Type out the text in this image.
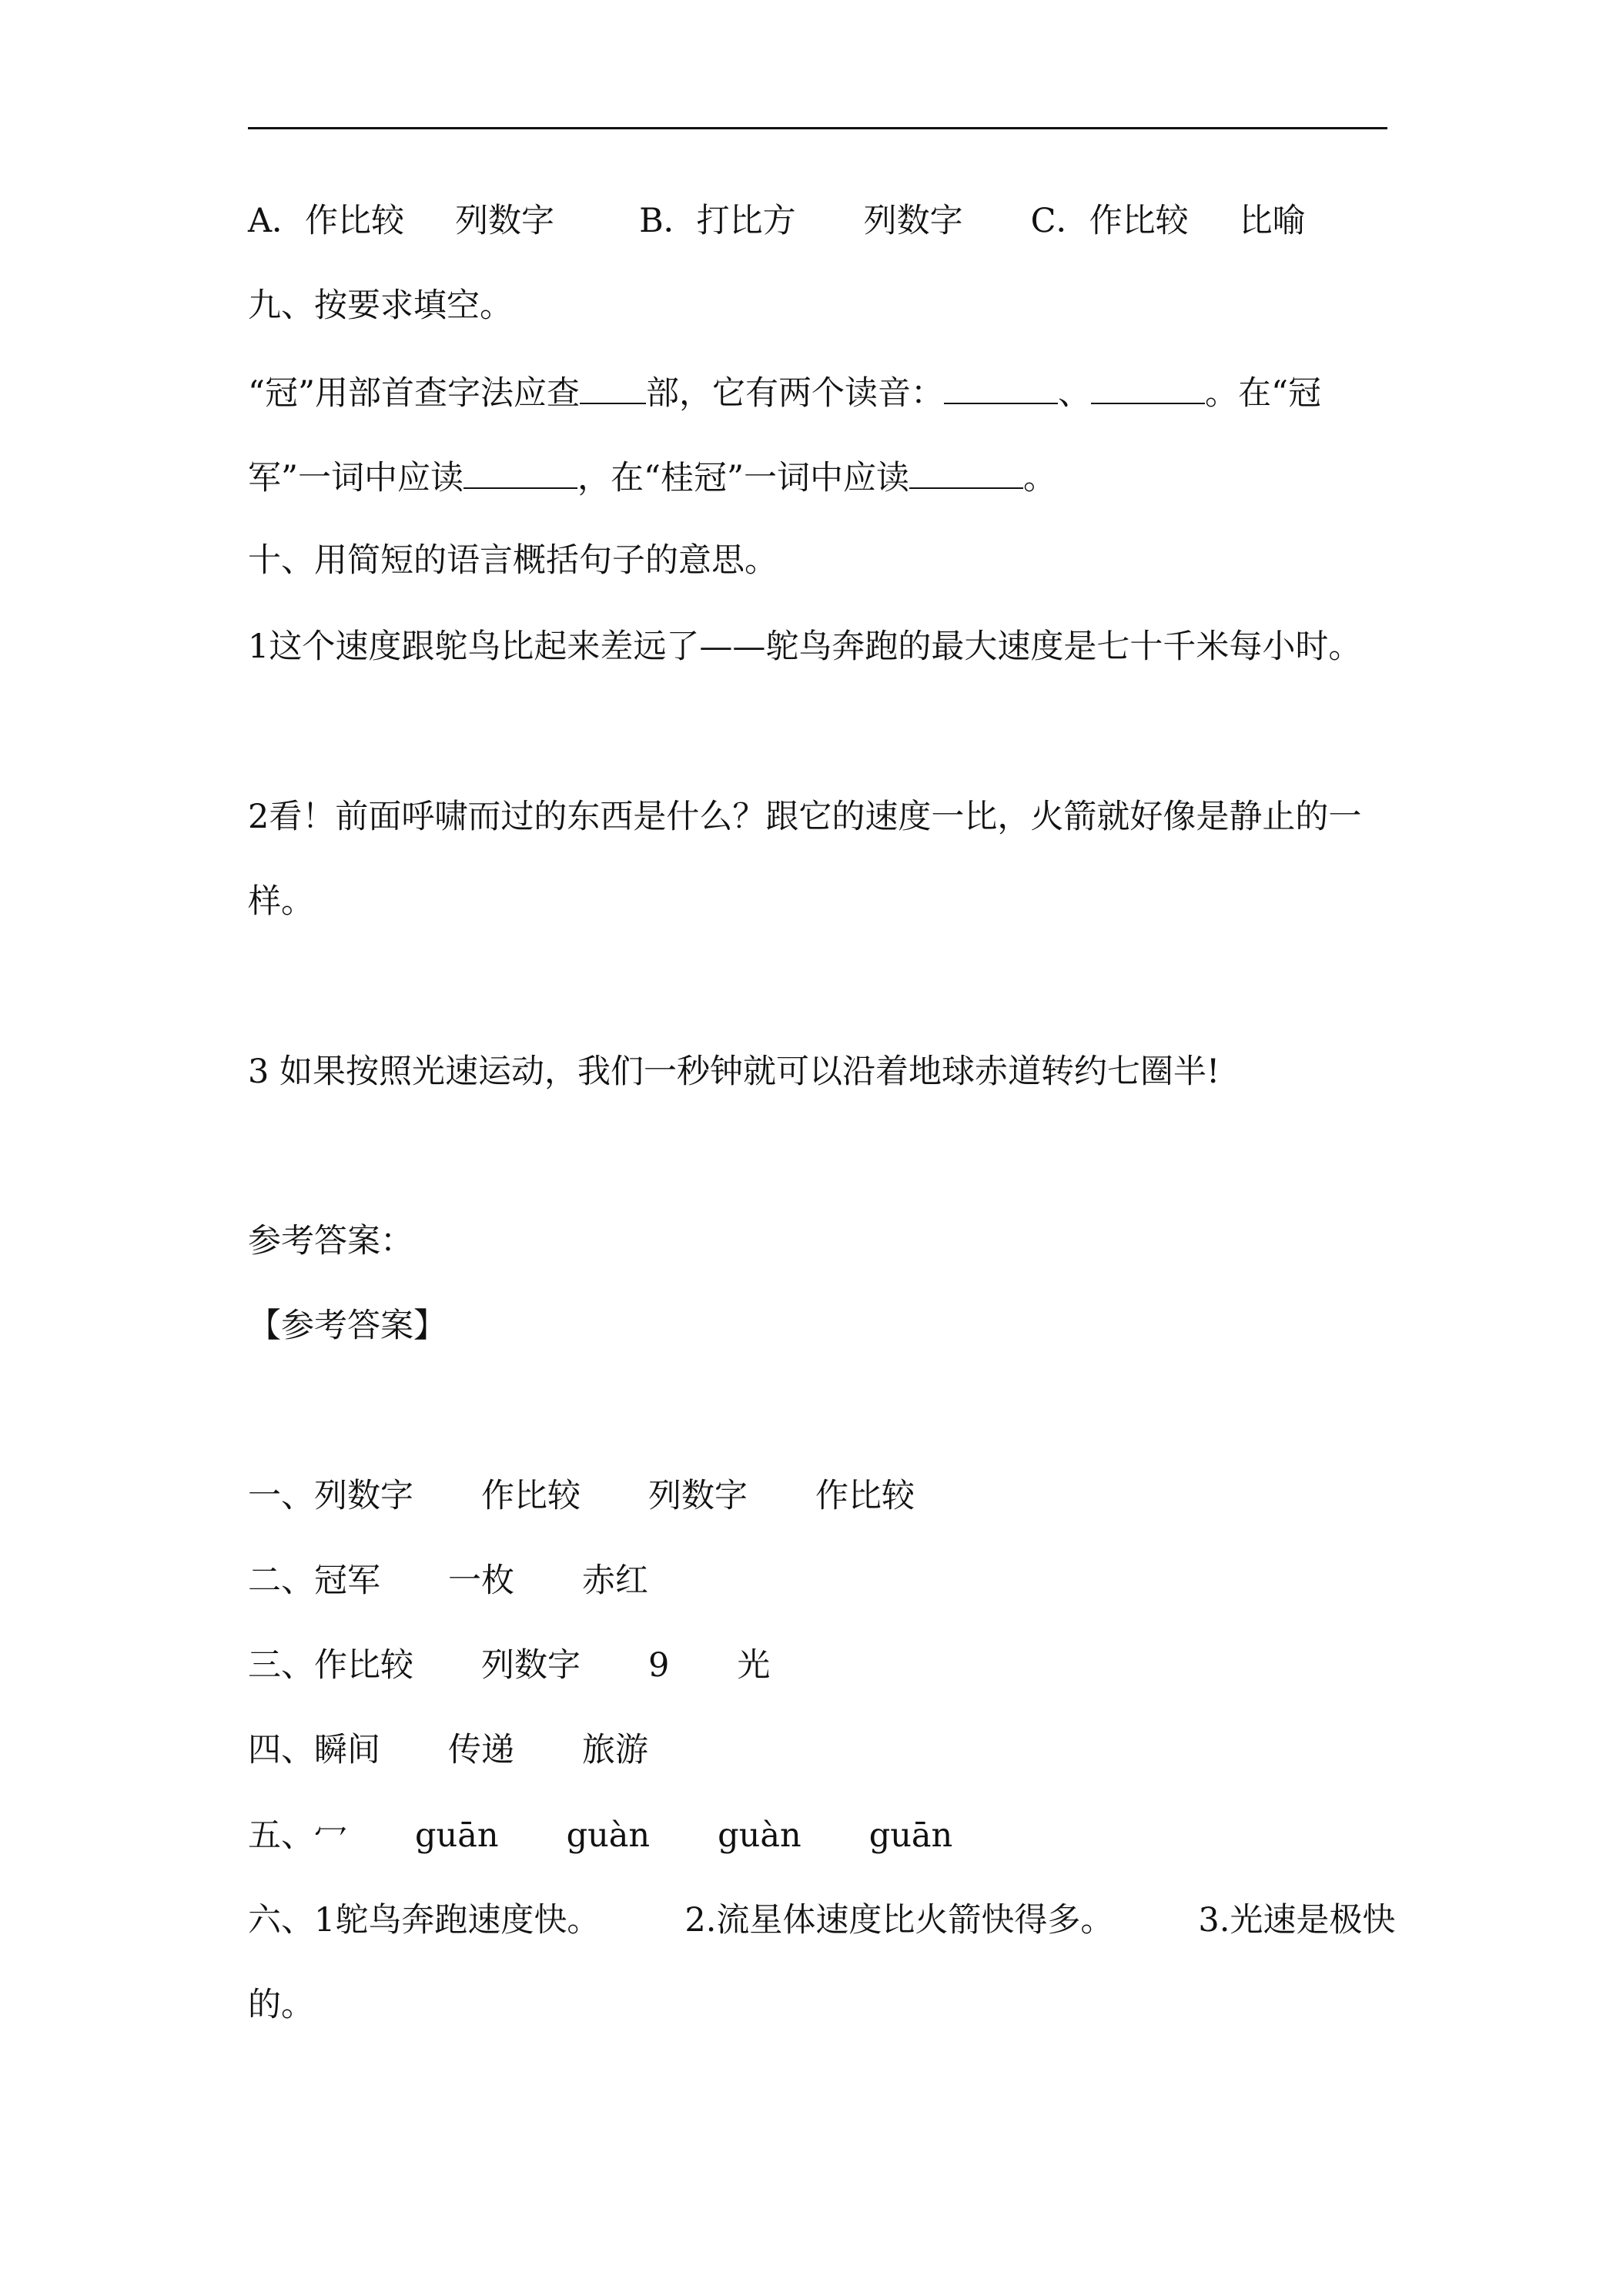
A．作比较 列数字	B．打比方 列数字 C．作比较 比喻
九、按要求填空。
“冠”用部首查字法应查 部，它有两个读音：	、	。在“冠
军”一词中应读	，在“桂冠”一词中应读	。
十、用简短的语言概括句子的意思。
1这个速度跟鸵鸟比起来差远了——鸵鸟奔跑的最大速度是七十千米每小时。
2看！前面呼啸而过的东西是什么？跟它的速度一比，火箭就好像是静止的一
样。
3 如果按照光速运动，我们一秒钟就可以沿着地球赤道转约七圈半!
参考答案：
【参考答案】
一、列数字 作比较 列数字 作比较
二、冠军 一枚 赤红
三、作比较 列数字 9 光
四、瞬间 传递 旅游
五、冖 guān guàn guàn guān
六、1鸵鸟奔跑速度快。	2.流星体速度比火箭快得多。	3.光速是极快
的。
